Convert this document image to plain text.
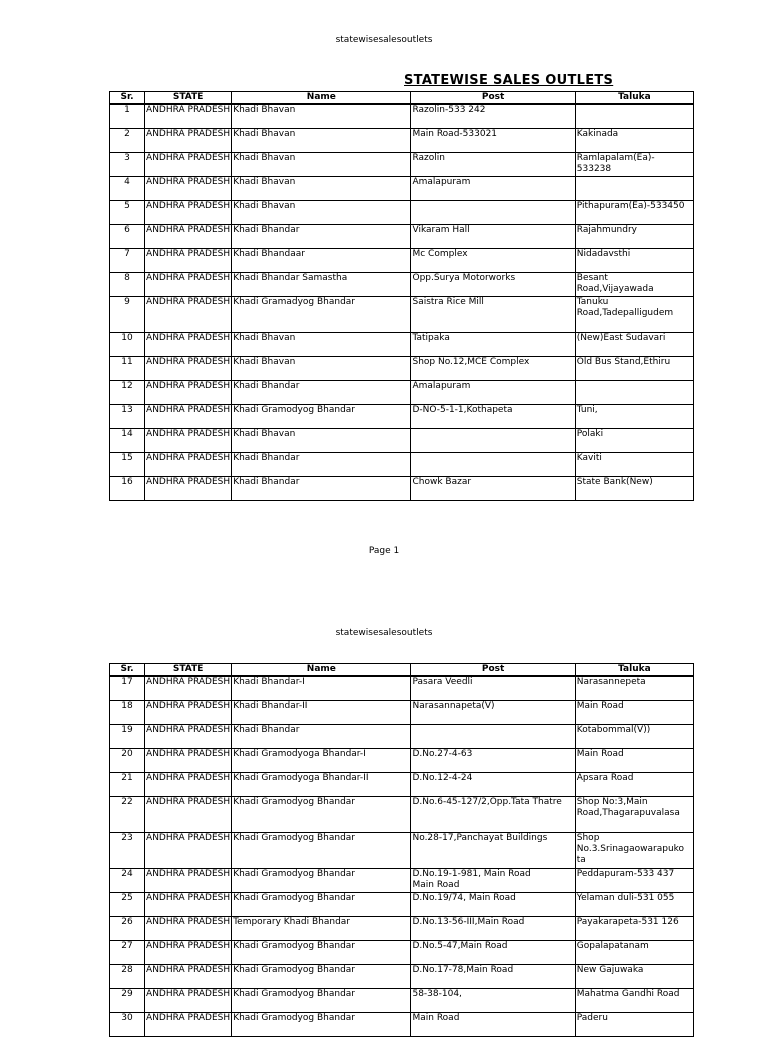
statewisesalesoutlets
STATEWISE SALES OUTLETS
Sr.	STATE	Name	Post	Taluka

1	ANDHRA PRADESH	Khadi Bhavan	Razolin-533 242	

2	ANDHRA PRADESH	Khadi Bhavan	Main Road-533021	Kakinada

3	ANDHRA PRADESH	Khadi Bhavan	Razolin	Ramlapalam(Ea)-
533238

4	ANDHRA PRADESH	Khadi Bhavan	Amalapuram	

5	ANDHRA PRADESH	Khadi Bhavan		Pithapuram(Ea)-533450

6	ANDHRA PRADESH	Khadi Bhandar	Vikaram Hall	Rajahmundry

7	ANDHRA PRADESH	Khadi Bhandaar	Mc Complex	Nidadavsthi

8	ANDHRA PRADESH	Khadi Bhandar Samastha	Opp.Surya Motorworks	Besant
Road,Vijayawada

9	ANDHRA PRADESH	Khadi Gramadyog Bhandar	Saistra Rice Mill	Tanuku
Road,Tadepalligudem

10	ANDHRA PRADESH	Khadi Bhavan	Tatipaka	(New)East Sudavari

11	ANDHRA PRADESH	Khadi Bhavan	Shop No.12,MCE Complex	Old Bus Stand,Ethiru

12	ANDHRA PRADESH	Khadi Bhandar	Amalapuram	

13	ANDHRA PRADESH	Khadi Gramodyog Bhandar	D-NO-5-1-1,Kothapeta	Tuni,

14	ANDHRA PRADESH	Khadi Bhavan		Polaki

15	ANDHRA PRADESH	Khadi Bhandar		Kaviti

16	ANDHRA PRADESH	Khadi Bhandar	Chowk Bazar	State Bank(New)
Page 1
statewisesalesoutlets
Sr.	STATE	Name	Post	Taluka

17	ANDHRA PRADESH	Khadi Bhandar-I	Pasara Veedli	Narasannepeta

18	ANDHRA PRADESH	Khadi Bhandar-II	Narasannapeta(V)	Main Road

19	ANDHRA PRADESH	Khadi Bhandar		Kotabommal(V))

20	ANDHRA PRADESH	Khadi Gramodyoga Bhandar-I	D.No.27-4-63	Main Road

21	ANDHRA PRADESH	Khadi Gramodyoga Bhandar-II	D.No.12-4-24	Apsara Road

22	ANDHRA PRADESH	Khadi Gramodyog Bhandar	D.No.6-45-127/2,Opp.Tata Thatre	Shop No:3,Main
Road,Thagarapuvalasa

23	ANDHRA PRADESH	Khadi Gramodyog Bhandar	No.28-17,Panchayat Buildings	Shop
No.3.Srinagaowarapuko
ta

24	ANDHRA PRADESH	Khadi Gramodyog Bhandar	D.No.19-1-981, Main Road
Main Road	Peddapuram-533 437

25	ANDHRA PRADESH	Khadi Gramodyog Bhandar	D.No.19/74, Main Road	Yelaman duli-531 055

26	ANDHRA PRADESH	Temporary Khadi Bhandar	D.No.13-56-III,Main Road	Payakarapeta-531 126

27	ANDHRA PRADESH	Khadi Gramodyog Bhandar	D.No.5-47,Main Road	Gopalapatanam

28	ANDHRA PRADESH	Khadi Gramodyog Bhandar	D.No.17-78,Main Road	New Gajuwaka

29	ANDHRA PRADESH	Khadi Gramodyog Bhandar	58-38-104,	Mahatma Gandhi Road

30	ANDHRA PRADESH	Khadi Gramodyog Bhandar	Main Road	Paderu
